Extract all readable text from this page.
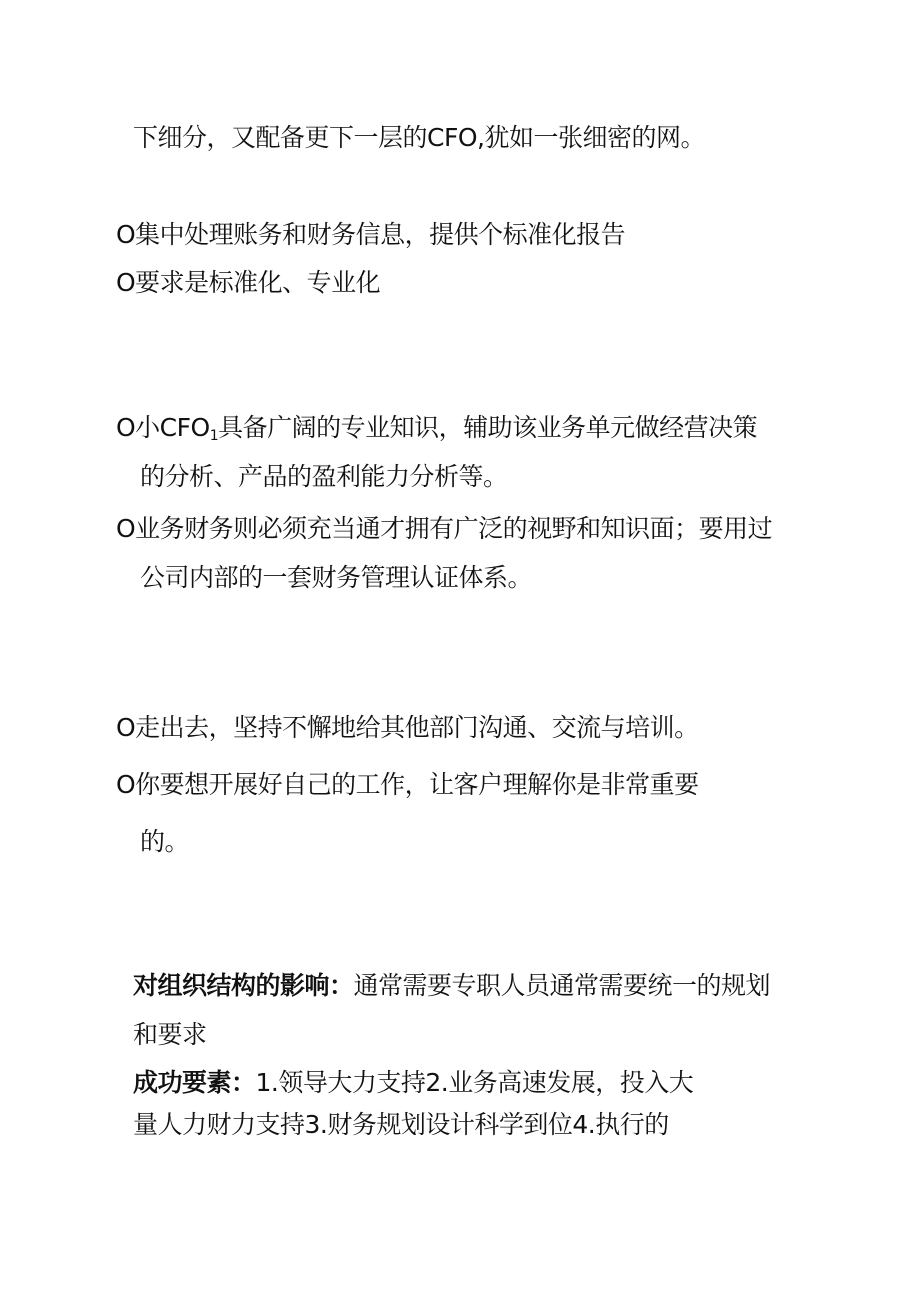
下细分，又配备更下一层的CFO,犹如一张细密的网。
O集中处理账务和财务信息，提供个标准化报告
O要求是标准化、专业化
O小$CFO_1$具备广阔的专业知识，辅助该业务单元做经营决策
的分析、产品的盈利能力分析等。
O业务财务则必须充当通才拥有广泛的视野和知识面；要用过
公司内部的一套财务管理认证体系。
O走出去，坚持不懈地给其他部门沟通、交流与培训。
O你要想开展好自己的工作，让客户理解你是非常重要
的。
对组织结构的影响：通常需要专职人员通常需要统一的规划
和要求
成功要素：1.领导大力支持2.业务高速发展，投入大
量人力财力支持3.财务规划设计科学到位4.执行的
